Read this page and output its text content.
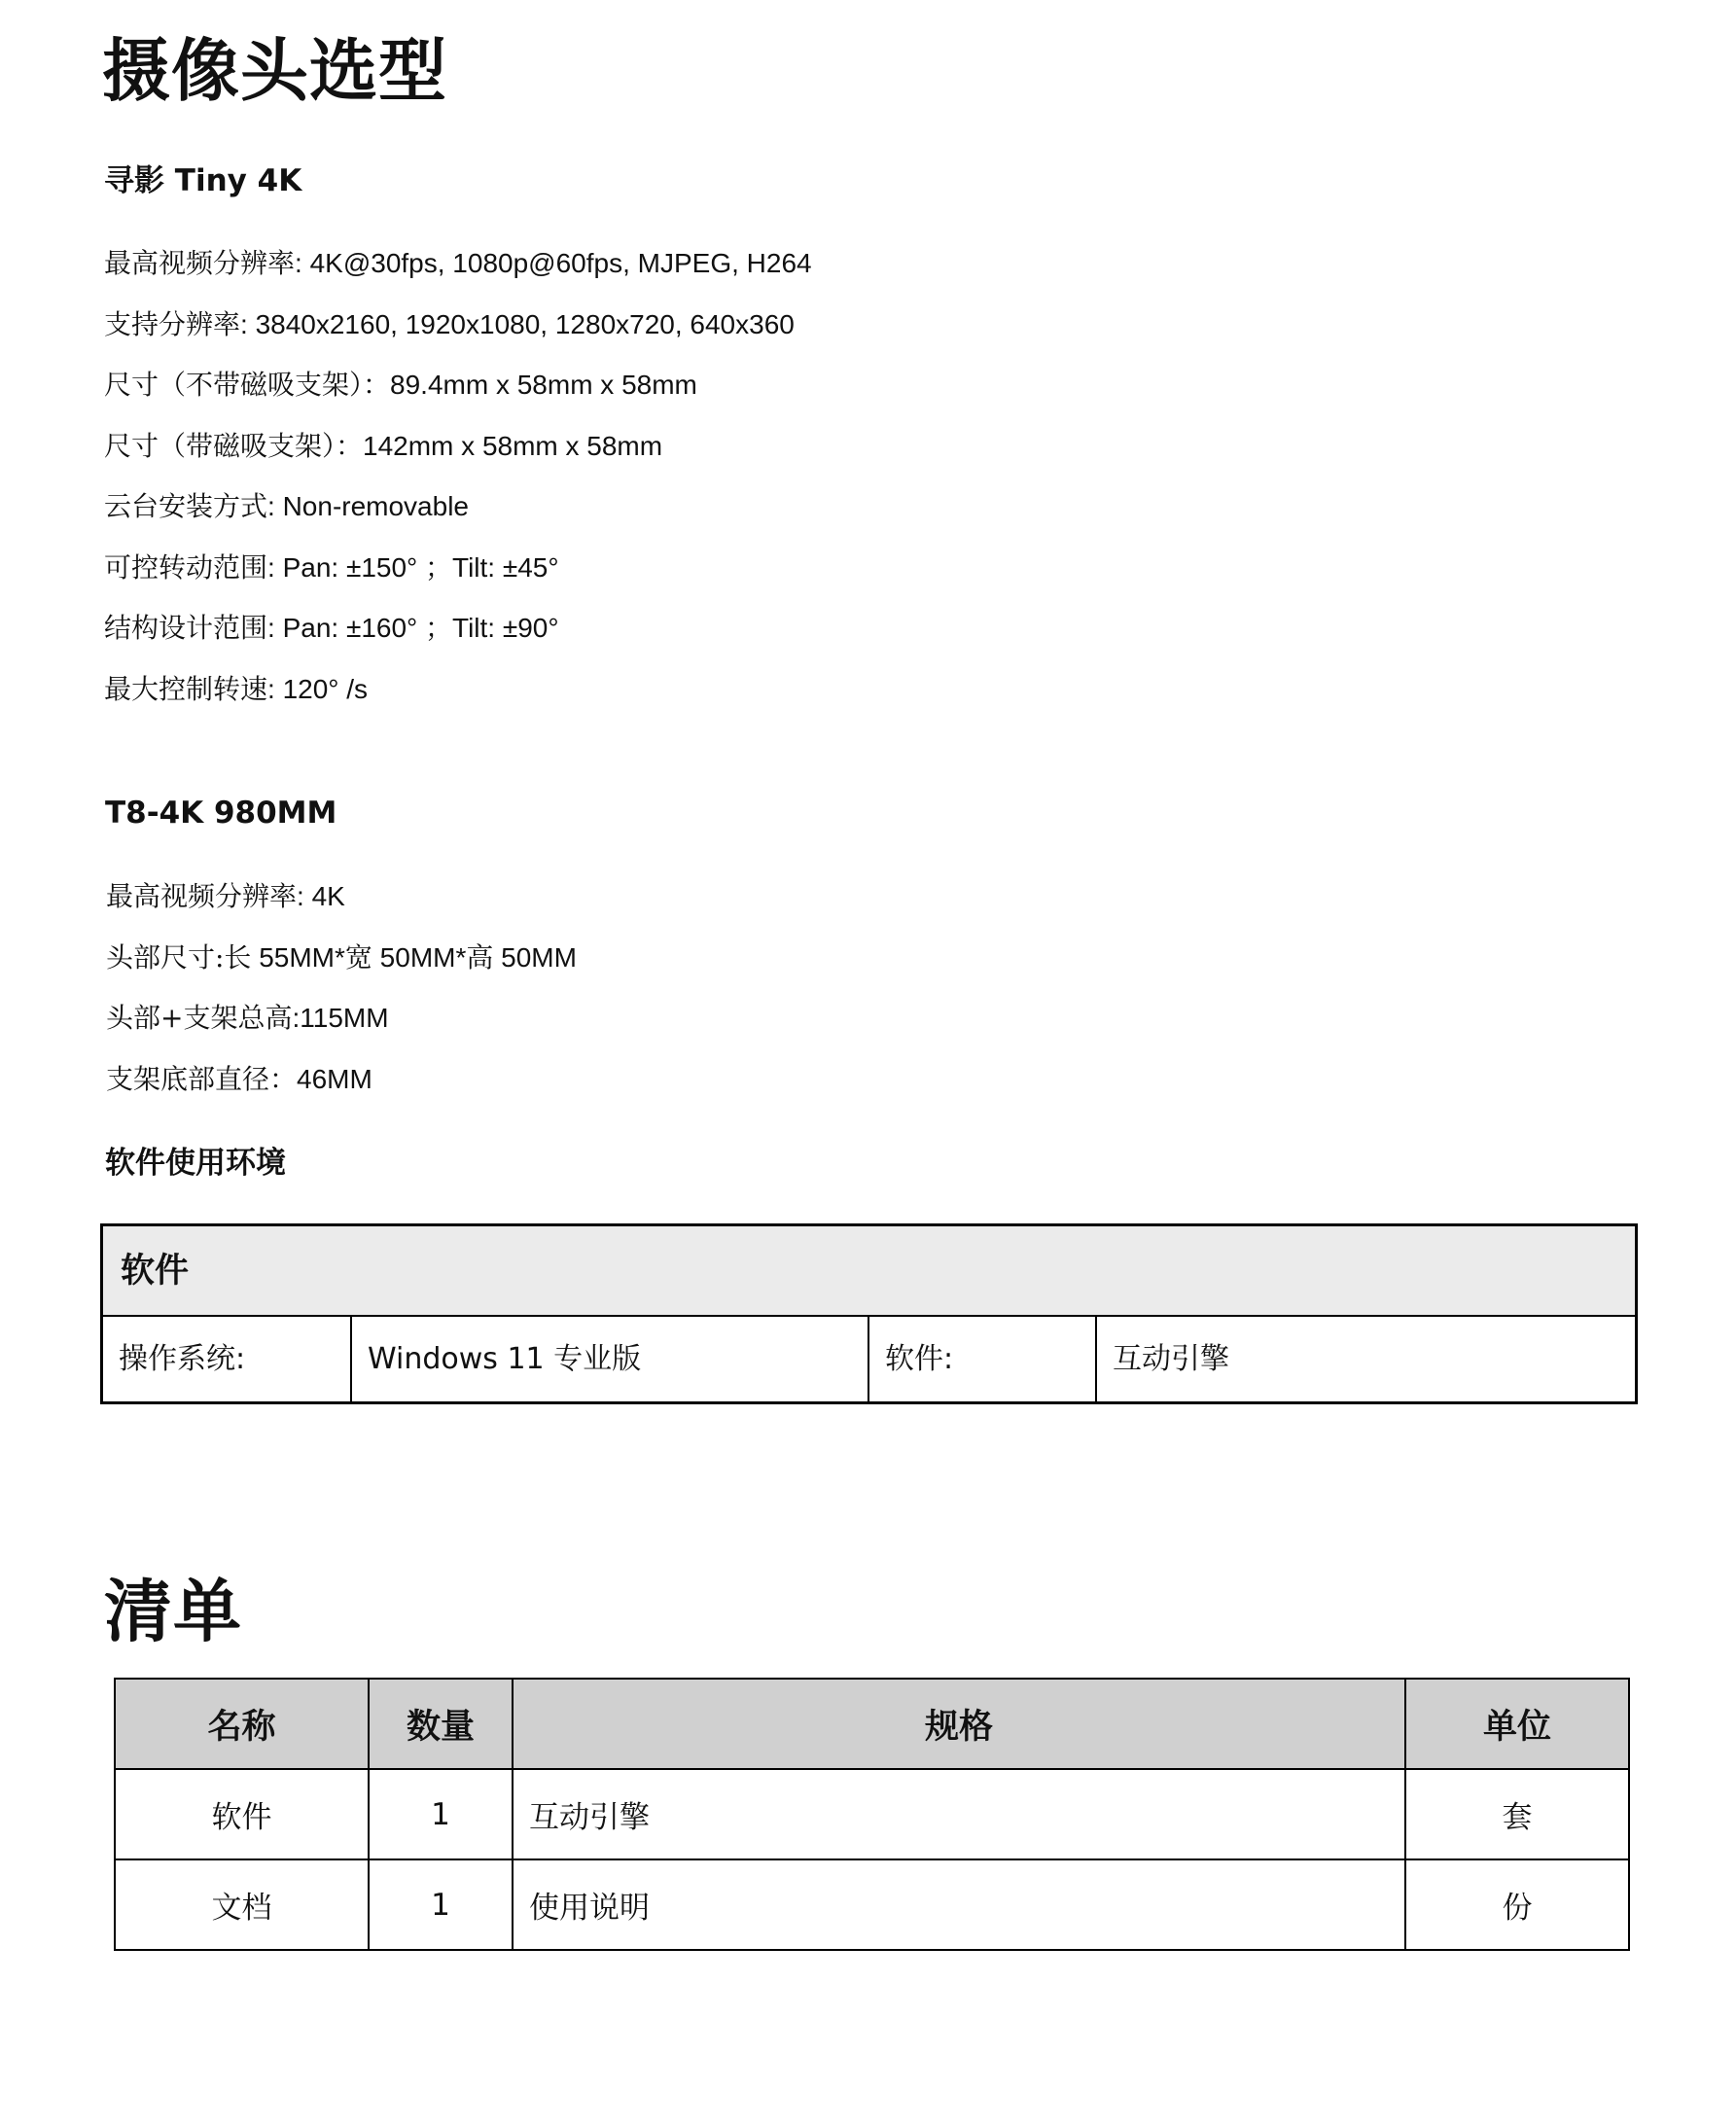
摄像头选型
寻影 Tiny 4K
最高视频分辨率: 4K@30fps, 1080p@60fps, MJPEG, H264
支持分辨率: 3840x2160, 1920x1080, 1280x720, 640x360
尺寸（不带磁吸支架）：89.4mm x 58mm x 58mm
尺寸（带磁吸支架）：142mm x 58mm x 58mm
云台安装方式: Non-removable
可控转动范围: Pan: ±150° ；Tilt: ±45°
结构设计范围: Pan: ±160° ；Tilt: ±90°
最大控制转速: 120° /s
T8-4K 980MM
最高视频分辨率: 4K
头部尺寸:长 55MM*宽 50MM*高 50MM
头部+支架总高:115MM
支架底部直径：46MM
软件使用环境
软件
操作系统:	Windows 11 专业版	软件:	互动引擎
清单
名称	数量	规格	单位
软件	1	互动引擎	套
文档	1	使用说明	份
